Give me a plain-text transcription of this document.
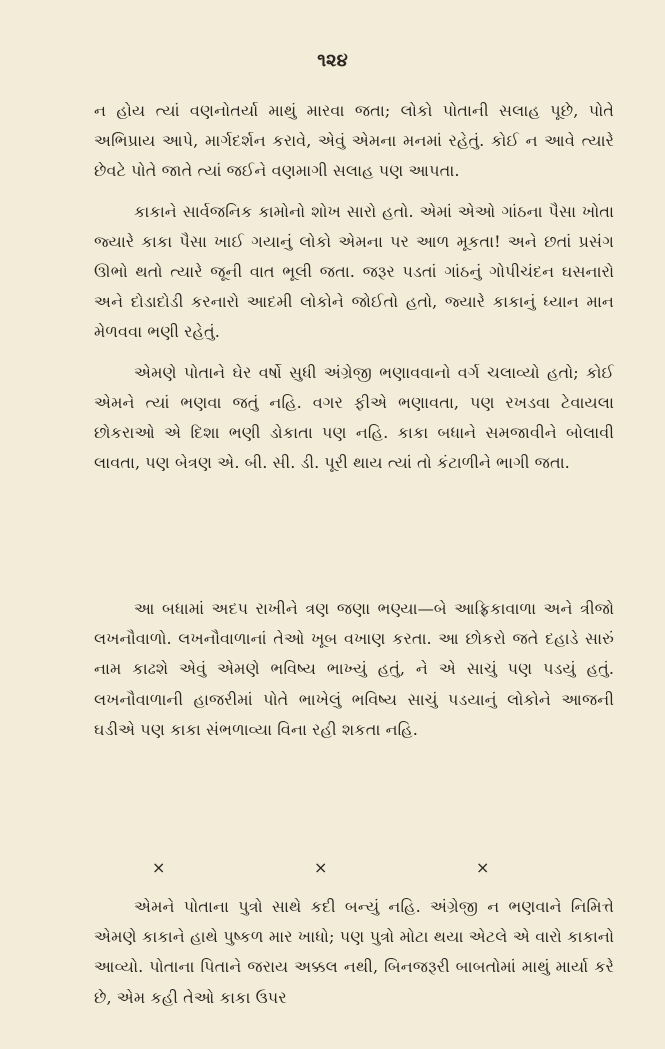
૧૨૪

ન હોય ત્યાં વણનોતર્યા માથું મારવા જતા; લોકો પોતાની સલાહ પૂછે, પોતે અભિપ્રાય આપે, માર્ગદર્શન કરાવે, એવું એમના મનમાં રહેતું. કોઈ ન આવે ત્યારે છેવટે પોતે જાતે ત્યાં જઈને વણમાગી સલાહ પણ આપતા.

કાકાને સાર્વજનિક કામોનો શોખ સારો હતો. એમાં એઓ ગાંઠના પૈસા ખોતા જ્યારે કાકા પૈસા ખાઈ ગયાનું લોકો એમના પર આળ મૂકતા! અને છતાં પ્રસંગ ઊભો થતો ત્યારે જૂની વાત ભૂલી જતા. જરૂર પડતાં ગાંઠનું ગોપીચંદન ઘસનારો અને દોડાદોડી કરનારો આદમી લોકોને જોઈતો હતો, જ્યારે કાકાનું ધ્યાન માન મેળવવા ભણી રહેતું.

એમણે પોતાને ઘેર વર્ષો સુધી અંગ્રેજી ભણાવવાનો વર્ગ ચલાવ્યો હતો; કોઈ એમને ત્યાં ભણવા જતું નહિ. વગર ફીએ ભણાવતા, પણ રખડવા ટેવાયલા છોકરાઓ એ દિશા ભણી ડોકાતા પણ નહિ. કાકા બધાને સમજાવીને બોલાવી લાવતા, પણ બેત્રણ એ. બી. સી. ડી. પૂરી થાય ત્યાં તો કંટાળીને ભાગી જતા.

આ બધામાં અદપ રાખીને ત્રણ જણા ભણ્યા—બે આફ્રિકાવાળા અને ત્રીજો લખનૌવાળો. લખનૌવાળાનાં તેઓ ખૂબ વખાણ કરતા. આ છોકરો જતે દહાડે સારું નામ કાઢશે એવું એમણે ભવિષ્ય ભાખ્યું હતું, ને એ સાચું પણ પડયું હતું. લખનૌવાળાની હાજરીમાં પોતે ભાખેલું ભવિષ્ય સાચું પડયાનું લોકોને આજની ઘડીએ પણ કાકા સંભળાવ્યા વિના રહી શકતા નહિ.

×	×	×

એમને પોતાના પુત્રો સાથે કદી બન્યું નહિ. અંગ્રેજી ન ભણવાને નિમિત્તે એમણે કાકાને હાથે પુષ્કળ માર ખાધો; પણ પુત્રો મોટા થયા એટલે એ વારો કાકાનો આવ્યો. પોતાના પિતાને જરાય અક્કલ નથી, બિનજરૂરી બાબતોમાં માથું માર્યા કરે છે, એમ કહી તેઓ કાકા ઉપર
